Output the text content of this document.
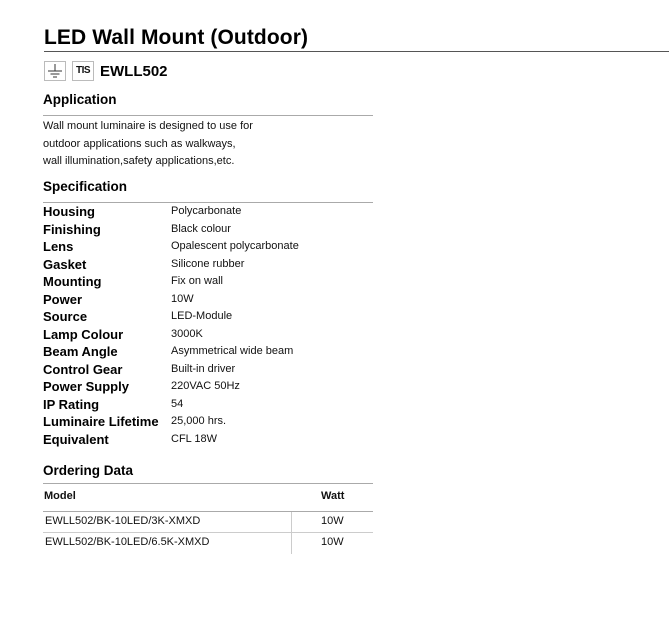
LED Wall Mount (Outdoor)
TIS EWLL502
Application
Wall mount luminaire is designed to use for
outdoor applications such as walkways,
wall illumination,safety applications,etc.
Specification
Housing	Polycarbonate
Finishing	Black colour
Lens	Opalescent polycarbonate
Gasket	Silicone rubber
Mounting	Fix on wall
Power	10W
Source	LED-Module
Lamp Colour	3000K
Beam Angle	Asymmetrical wide beam
Control Gear	Built-in driver
Power Supply	220VAC 50Hz
IP Rating	54
Luminaire Lifetime 25,000 hrs.
Equivalent	CFL 18W
Ordering Data
Model	Watt
EWLL502/BK-10LED/3K-XMXD	10W
EWLL502/BK-10LED/6.5K-XMXD	10W
